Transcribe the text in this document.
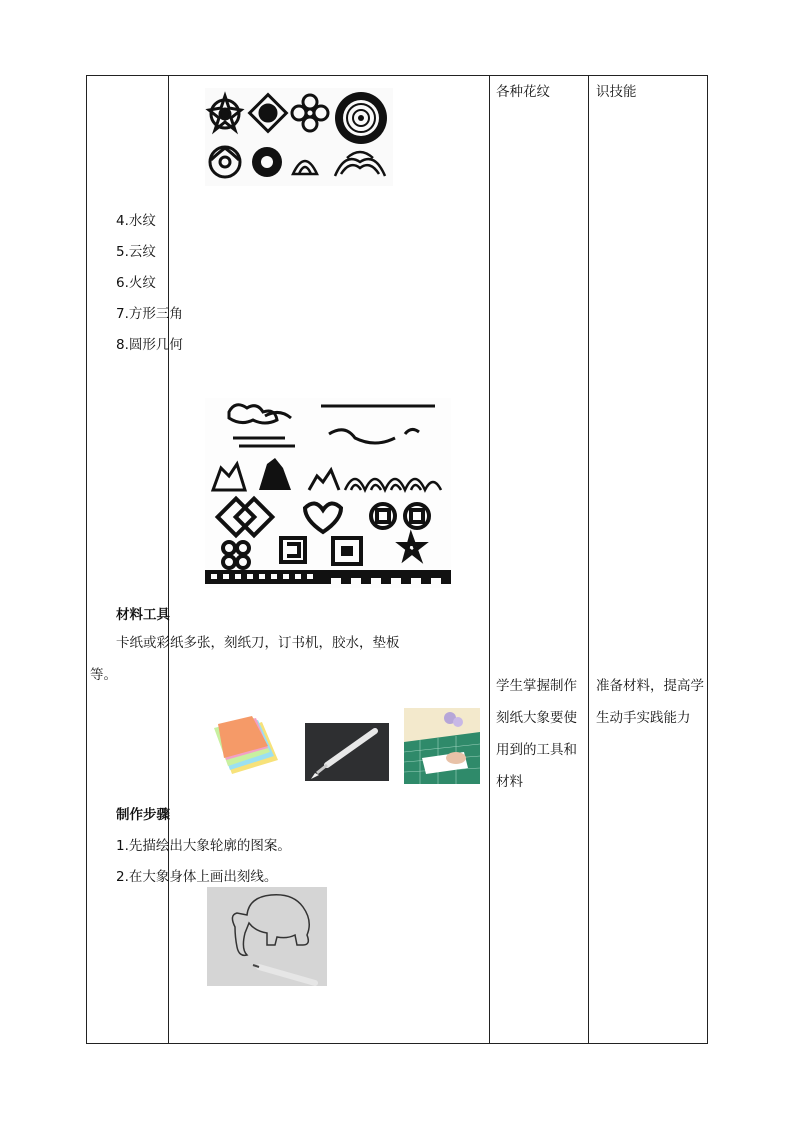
4.水纹
5.云纹
6.火纹
7.方形三角
8.圆形几何
材料工具
卡纸或彩纸多张，刻纸刀，订书机，胶水，垫板等。
制作步骤
1.先描绘出大象轮廓的图案。
2.在大象身体上画出刻线。
各种花纹
学生掌握制作刻纸大象要使用到的工具和材料
识技能
准备材料，提高学生动手实践能力
